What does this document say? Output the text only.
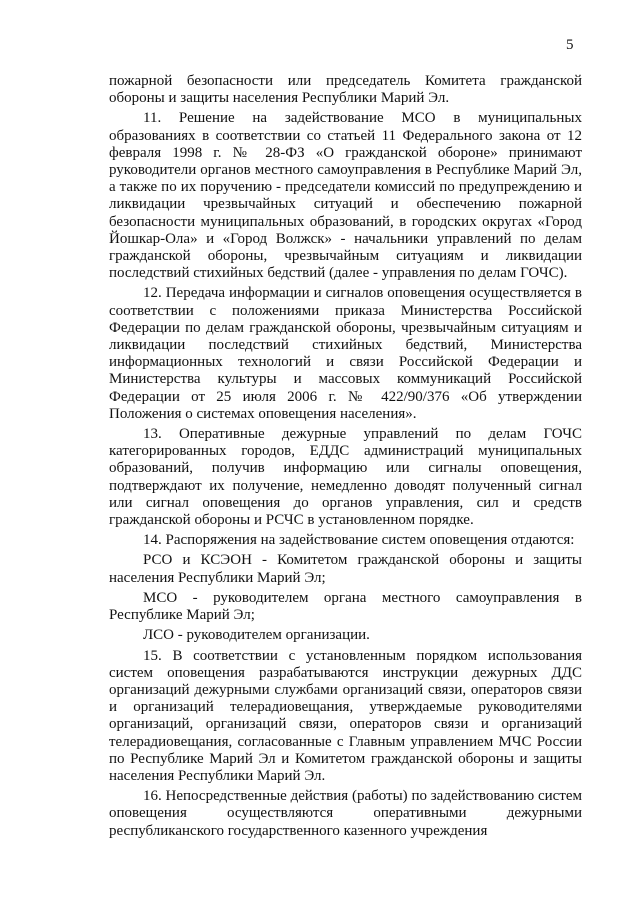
5

пожарной безопасности или председатель Комитета гражданской обороны и защиты населения Республики Марий Эл.

11. Решение на задействование МСО в муниципальных образованиях в соответствии со статьей 11 Федерального закона от 12 февраля 1998 г. № 28-ФЗ «О гражданской обороне» принимают руководители органов местного самоуправления в Республике Марий Эл, а также по их поручению - председатели комиссий по предупреждению и ликвидации чрезвычайных ситуаций и обеспечению пожарной безопасности муниципальных образований, в городских округах «Город Йошкар-Ола» и «Город Волжск» - начальники управлений по делам гражданской обороны, чрезвычайным ситуациям и ликвидации последствий стихийных бедствий (далее - управления по делам ГОЧС).

12. Передача информации и сигналов оповещения осуществляется в соответствии с положениями приказа Министерства Российской Федерации по делам гражданской обороны, чрезвычайным ситуациям и ликвидации последствий стихийных бедствий, Министерства информационных технологий и связи Российской Федерации и Министерства культуры и массовых коммуникаций Российской Федерации от 25 июля 2006 г. № 422/90/376 «Об утверждении Положения о системах оповещения населения».

13. Оперативные дежурные управлений по делам ГОЧС категорированных городов, ЕДДС администраций муниципальных образований, получив информацию или сигналы оповещения, подтверждают их получение, немедленно доводят полученный сигнал или сигнал оповещения до органов управления, сил и средств гражданской обороны и РСЧС в установленном порядке.

14. Распоряжения на задействование систем оповещения отдаются:

РСО и КСЭОН - Комитетом гражданской обороны и защиты населения Республики Марий Эл;

МСО - руководителем органа местного самоуправления в Республике Марий Эл;

ЛСО - руководителем организации.

15. В соответствии с установленным порядком использования систем оповещения разрабатываются инструкции дежурных ДДС организаций дежурными службами организаций связи, операторов связи и организаций телерадиовещания, утверждаемые руководителями организаций, организаций связи, операторов связи и организаций телерадиовещания, согласованные с Главным управлением МЧС России по Республике Марий Эл и Комитетом гражданской обороны и защиты населения Республики Марий Эл.

16. Непосредственные действия (работы) по задействованию систем оповещения осуществляются оперативными дежурными республиканского государственного казенного учреждения
